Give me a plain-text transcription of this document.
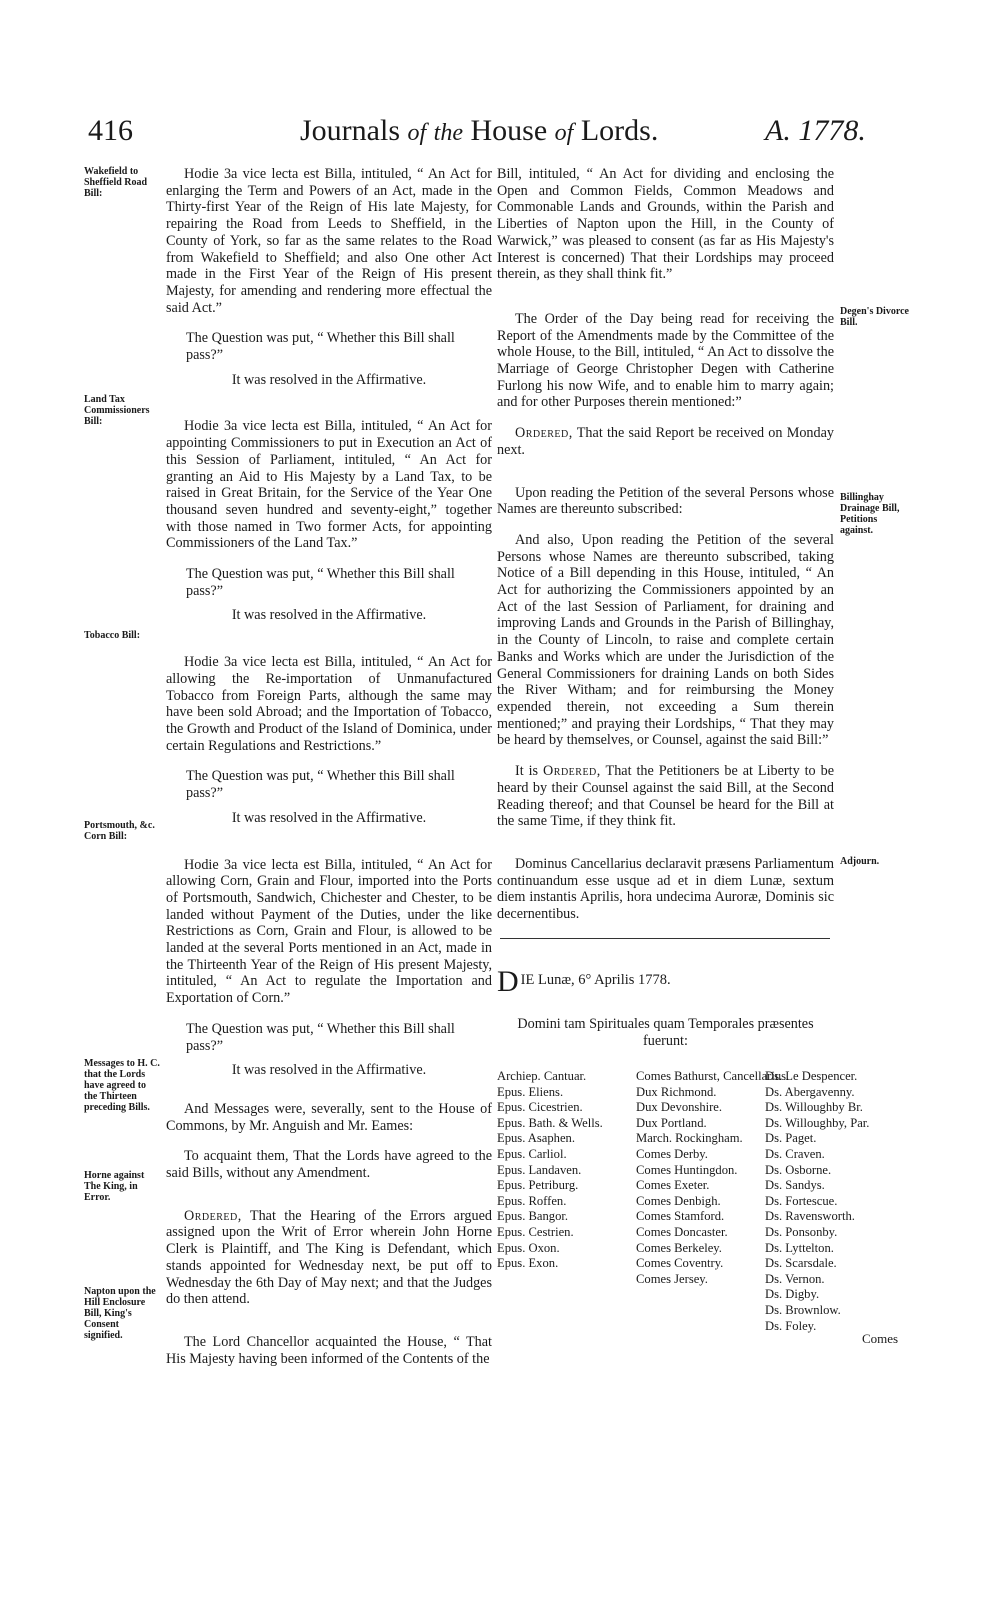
416	Journals of the House of Lords.	A. 1778.
Wakefield to Sheffield Road Bill:
Land Tax Commissioners Bill:
Tobacco Bill:
Portsmouth, &c. Corn Bill:
Messages to H. C. that the Lords have agreed to the Thirteen preceding Bills.
Horne against The King, in Error.
Napton upon the Hill Enclosure Bill, King's Consent signified.
Degen's Divorce Bill.
Billinghay Drainage Bill, Petitions against.
Adjourn.

Hodie 3a vice lecta est Billa, intituled, “ An Act for enlarging the Term and Powers of an Act, made in the Thirty-first Year of the Reign of His late Majesty, for repairing the Road from Leeds to Sheffield, in the County of York, so far as the same relates to the Road from Wakefield to Sheffield; and also One other Act made in the First Year of the Reign of His present Majesty, for amending and rendering more effectual the said Act.”

The Question was put, “ Whether this Bill shall pass?”

It was resolved in the Affirmative.

Hodie 3a vice lecta est Billa, intituled, “ An Act for appointing Commissioners to put in Execution an Act of this Session of Parliament, intituled, “ An Act for granting an Aid to His Majesty by a Land Tax, to be raised in Great Britain, for the Service of the Year One thousand seven hundred and seventy-eight,” together with those named in Two former Acts, for appointing Commissioners of the Land Tax.”

The Question was put, “ Whether this Bill shall pass?”

It was resolved in the Affirmative.

Hodie 3a vice lecta est Billa, intituled, “ An Act for allowing the Re-importation of Unmanufactured Tobacco from Foreign Parts, although the same may have been sold Abroad; and the Importation of Tobacco, the Growth and Product of the Island of Dominica, under certain Regulations and Restrictions.”

The Question was put, “ Whether this Bill shall pass?”

It was resolved in the Affirmative.

Hodie 3a vice lecta est Billa, intituled, “ An Act for allowing Corn, Grain and Flour, imported into the Ports of Portsmouth, Sandwich, Chichester and Chester, to be landed without Payment of the Duties, under the like Restrictions as Corn, Grain and Flour, is allowed to be landed at the several Ports mentioned in an Act, made in the Thirteenth Year of the Reign of His present Majesty, intituled, “ An Act to regulate the Importation and Exportation of Corn.”

The Question was put, “ Whether this Bill shall pass?”

It was resolved in the Affirmative.

And Messages were, severally, sent to the House of Commons, by Mr. Anguish and Mr. Eames:

To acquaint them, That the Lords have agreed to the said Bills, without any Amendment.

Ordered, That the Hearing of the Errors argued assigned upon the Writ of Error wherein John Horne Clerk is Plaintiff, and The King is Defendant, which stands appointed for Wednesday next, be put off to Wednesday the 6th Day of May next; and that the Judges do then attend.

The Lord Chancellor acquainted the House, “ That His Majesty having been informed of the Contents of the

Bill, intituled, “ An Act for dividing and enclosing the Open and Common Fields, Common Meadows and Commonable Lands and Grounds, within the Parish and Liberties of Napton upon the Hill, in the County of Warwick,” was pleased to consent (as far as His Majesty's Interest is concerned) That their Lordships may proceed therein, as they shall think fit.”

The Order of the Day being read for receiving the Report of the Amendments made by the Committee of the whole House, to the Bill, intituled, “ An Act to dissolve the Marriage of George Christopher Degen with Catherine Furlong his now Wife, and to enable him to marry again; and for other Purposes therein mentioned:”

Ordered, That the said Report be received on Monday next.

Upon reading the Petition of the several Persons whose Names are thereunto subscribed:

And also, Upon reading the Petition of the several Persons whose Names are thereunto subscribed, taking Notice of a Bill depending in this House, intituled, “ An Act for authorizing the Commissioners appointed by an Act of the last Session of Parliament, for draining and improving Lands and Grounds in the Parish of Billinghay, in the County of Lincoln, to raise and complete certain Banks and Works which are under the Jurisdiction of the General Commissioners for draining Lands on both Sides the River Witham; and for reimbursing the Money expended therein, not exceeding a Sum therein mentioned;” and praying their Lordships, “ That they may be heard by themselves, or Counsel, against the said Bill:”

It is Ordered, That the Petitioners be at Liberty to be heard by their Counsel against the said Bill, at the Second Reading thereof; and that Counsel be heard for the Bill at the same Time, if they think fit.

Dominus Cancellarius declaravit præsens Parliamentum continuandum esse usque ad et in diem Lunæ, sextum diem instantis Aprilis, hora undecima Auroræ, Dominis sic decernentibus.

DIE Lunæ, 6° Aprilis 1778.

Domini tam Spirituales quam Temporales præsentes fuerunt:

Archiep. Cantuar.
Epus. Eliens.
Epus. Cicestrien.
Epus. Bath. & Wells.
Epus. Asaphen.
Epus. Carliol.
Epus. Landaven.
Epus. Petriburg.
Epus. Roffen.
Epus. Bangor.
Epus. Cestrien.
Epus. Oxon.
Epus. Exon.
Comes Bathurst, Cancellarius.
Dux Richmond.
Dux Devonshire.
Dux Portland.
March. Rockingham.
Comes Derby.
Comes Huntingdon.
Comes Exeter.
Comes Denbigh.
Comes Stamford.
Comes Doncaster.
Comes Berkeley.
Comes Coventry.
Comes Jersey.
Ds. Le Despencer.
Ds. Abergavenny.
Ds. Willoughby Br.
Ds. Willoughby, Par.
Ds. Paget.
Ds. Craven.
Ds. Osborne.
Ds. Sandys.
Ds. Fortescue.
Ds. Ravensworth.
Ds. Ponsonby.
Ds. Lyttelton.
Ds. Scarsdale.
Ds. Vernon.
Ds. Digby.
Ds. Brownlow.
Ds. Foley.
Comes
